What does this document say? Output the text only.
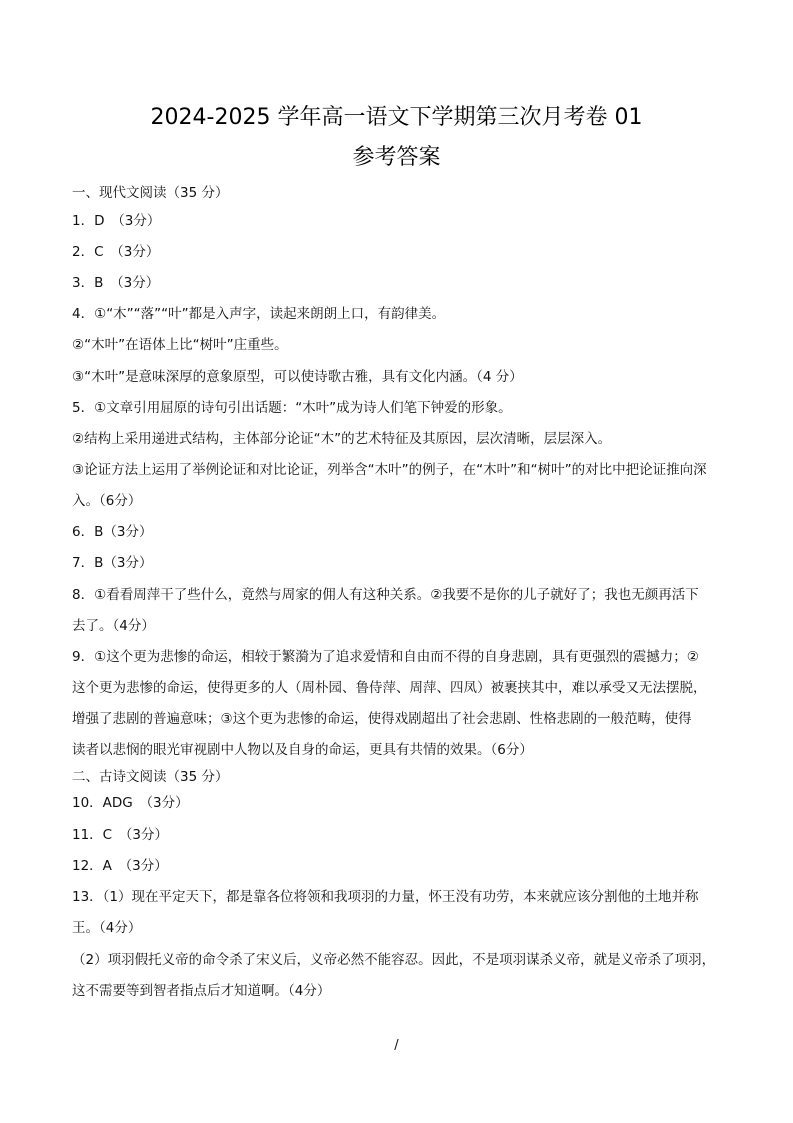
2024-2025 学年高一语文下学期第三次月考卷 01
参考答案
一、现代文阅读（35 分）
1．D　（3分）
2．C　（3分）
3．B　（3分）
4．①“木”“落”“叶”都是入声字，读起来朗朗上口，有韵律美。
②“木叶”在语体上比“树叶”庄重些。
③“木叶”是意味深厚的意象原型，可以使诗歌古雅，具有文化内涵。（4 分）
5．①文章引用屈原的诗句引出话题：“木叶”成为诗人们笔下钟爱的形象。
②结构上采用递进式结构，主体部分论证“木”的艺术特征及其原因，层次清晰，层层深入。
③论证方法上运用了举例论证和对比论证，列举含“木叶”的例子，在“木叶”和“树叶”的对比中把论证推向深
入。（6分）
6．B（3分）
7．B（3分）
8．①看看周萍干了些什么，竟然与周家的佣人有这种关系。②我要不是你的儿子就好了；我也无颜再活下
去了。（4分）
9．①这个更为悲惨的命运，相较于繁漪为了追求爱情和自由而不得的自身悲剧，具有更强烈的震撼力；②
这个更为悲惨的命运，使得更多的人（周朴园、鲁侍萍、周萍、四凤）被裹挟其中，难以承受又无法摆脱，
增强了悲剧的普遍意味；③这个更为悲惨的命运，使得戏剧超出了社会悲剧、性格悲剧的一般范畴，使得
读者以悲悯的眼光审视剧中人物以及自身的命运，更具有共情的效果。（6分）
二、古诗文阅读（35 分）
10．ADG　（3分）
11．C　（3分）
12．A　（3分）
13．（1）现在平定天下，都是靠各位将领和我项羽的力量，怀王没有功劳，本来就应该分割他的土地并称
王。（4分）
（2）项羽假托义帝的命令杀了宋义后，义帝必然不能容忍。因此，不是项羽谋杀义帝，就是义帝杀了项羽，
这不需要等到智者指点后才知道啊。（4分）
/
